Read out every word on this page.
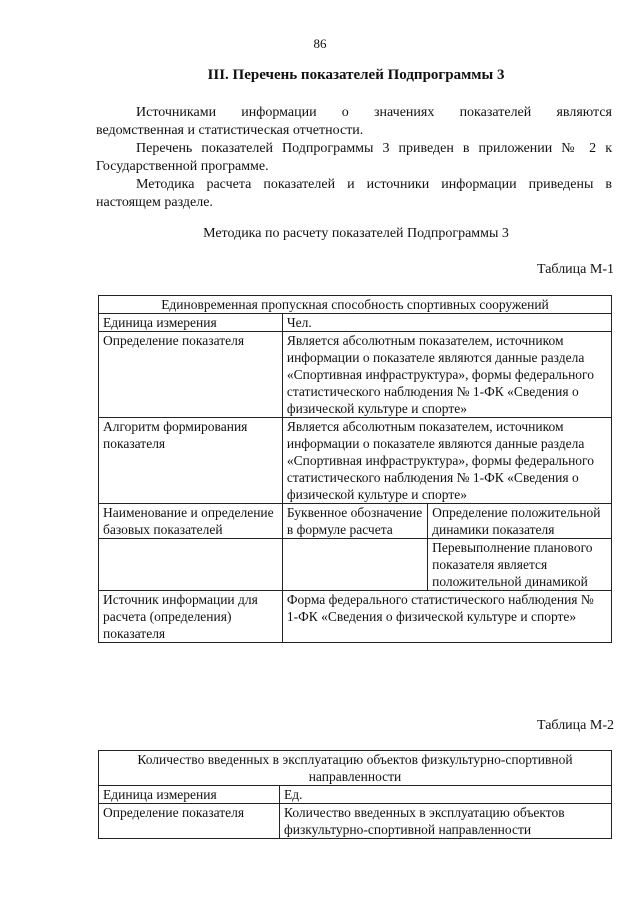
86
III. Перечень показателей Подпрограммы 3
Источниками информации о значениях показателей являются
ведомственная и статистическая отчетности.
Перечень показателей Подпрограммы 3 приведен в приложении № 2 к Государственной программе.
Методика расчета показателей и источники информации приведены в настоящем разделе.
Методика по расчету показателей Подпрограммы 3
Таблица М-1
Единовременная пропускная способность спортивных сооружений		
Единица измерения	Чел.	
Определение показателя	Является абсолютным показателем, источником информации о показателе являются данные раздела «Спортивная инфраструктура», формы федерального статистического наблюдения № 1-ФК «Сведения о физической культуре и спорте»	
Алгоритм формирования показателя	Является абсолютным показателем, источником информации о показателе являются данные раздела «Спортивная инфраструктура», формы федерального статистического наблюдения № 1-ФК «Сведения о физической культуре и спорте»	
Наименование и определение базовых показателей	Буквенное обозначение в формуле расчета	Определение положительной динамики показателя
		Перевыполнение планового показателя является положительной динамикой
Источник информации для расчета (определения) показателя	Форма федерального статистического наблюдения № 1-ФК «Сведения о физической культуре и спорте»	
Таблица М-2
Количество введенных в эксплуатацию объектов физкультурно-спортивной направленности	
Единица измерения	Ед.
Определение показателя	Количество введенных в эксплуатацию объектов физкультурно-спортивной направленности
